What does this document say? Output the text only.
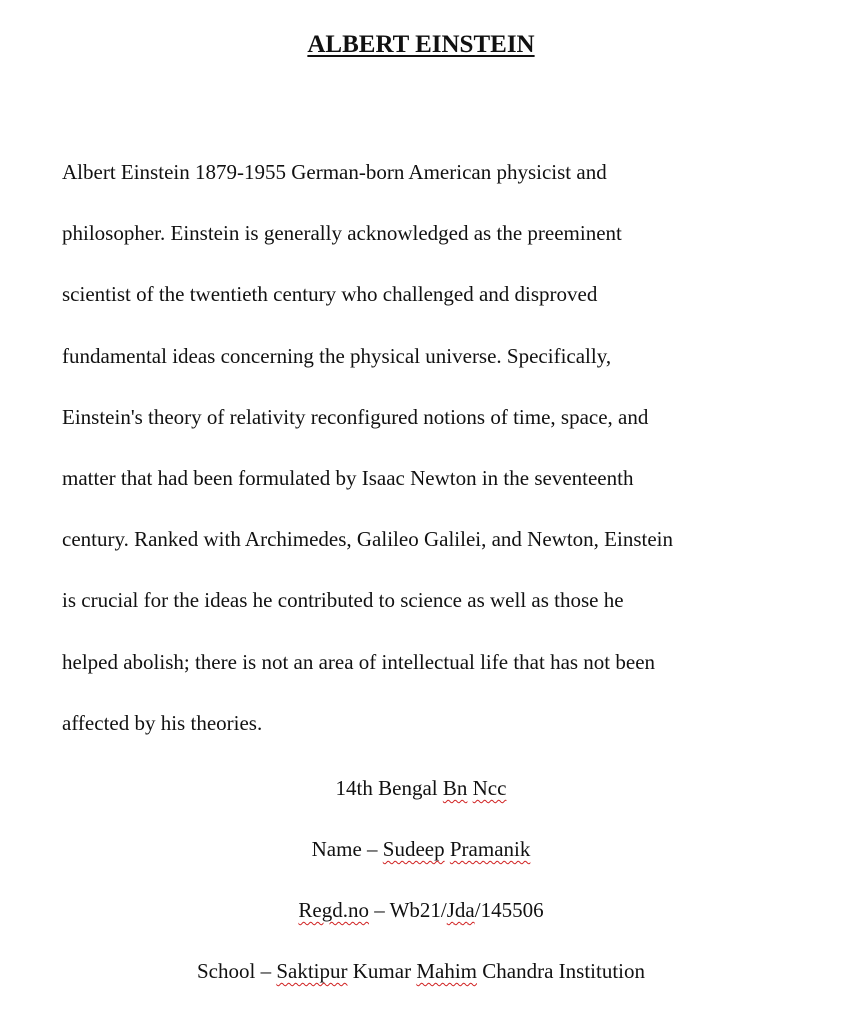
ALBERT EINSTEIN
Albert Einstein 1879-1955 German-born American physicist and
philosopher. Einstein is generally acknowledged as the preeminent
scientist of the twentieth century who challenged and disproved
fundamental ideas concerning the physical universe. Specifically,
Einstein's theory of relativity reconfigured notions of time, space, and
matter that had been formulated by Isaac Newton in the seventeenth
century. Ranked with Archimedes, Galileo Galilei, and Newton, Einstein
is crucial for the ideas he contributed to science as well as those he
helped abolish; there is not an area of intellectual life that has not been
affected by his theories.
14th Bengal Bn Ncc
Name – Sudeep Pramanik
Regd.no – Wb21/Jda/145506
School – Saktipur Kumar Mahim Chandra Institution
